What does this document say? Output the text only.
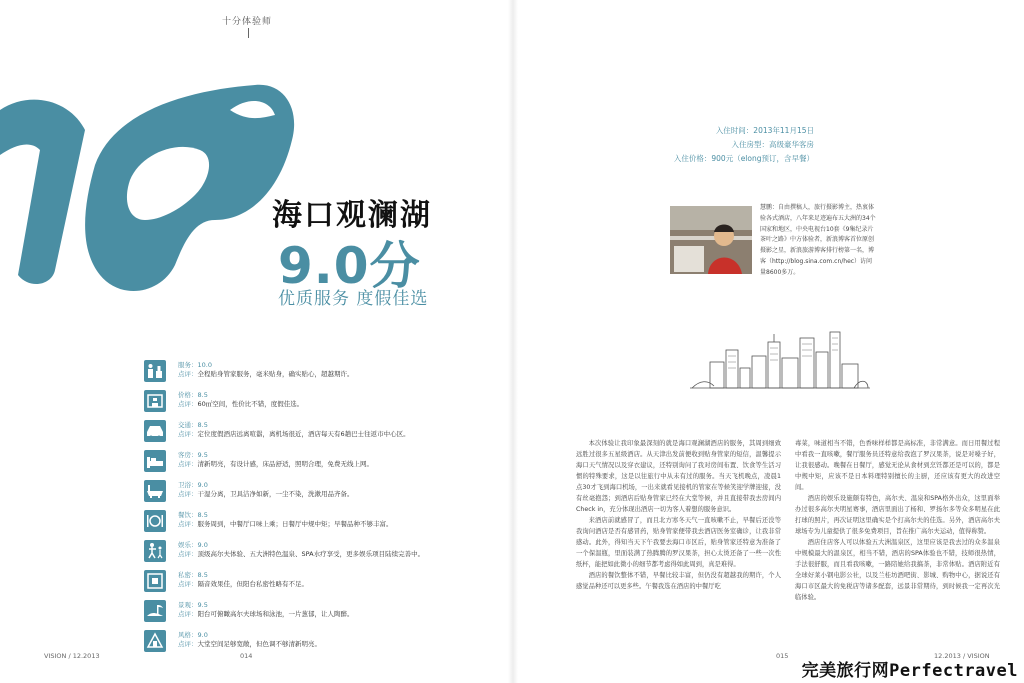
十分体验师
海口观澜湖
9.0分
优质服务 度假佳选
入住时间：2013年11月15日
入住房型：高级豪华客房
入住价格：900元（elong预订，含早餐）
慧鹏：自由撰稿人，旅行摄影博主，热衷体验各式酒店，八年来足迹遍布五大洲的34个国家和地区，中央电视台10套《9集纪录片茶叶之路》中方体验者，新浪博客首位原创摄影之星，新浪旅游博客排行榜第一名，博客（http://blog.sina.com.cn/hec）访问量8600多万。
服务：10.0
点评：全程贴身管家服务，毫米贴身，确实贴心，超越期许。
价格：8.5
点评：60㎡空间，性价比不错，度假佳选。
交通：8.5
点评：定位度假酒店远离喧嚣，离机场很近，酒店每天有6趟巴士往返市中心区。
客房：9.5
点评：清新明亮，有设计感，床品舒适，照明合理，免费无线上网。
卫浴：9.0
点评：干湿分离，卫具洁净如新，一尘不染，洗漱用品齐备。
餐饮：8.5
点评：服务周到，中餐厅口味上乘；日餐厅中规中矩；早餐品种不够丰富。
娱乐：9.0
点评：顶级高尔夫体验、五大洲特色温泉、SPA水疗享受，更多娱乐项目陆续完善中。
私密：8.5
点评：隔音效果佳，但阳台私密性略有不足。
景观：9.5
点评：阳台可俯瞰高尔夫球场和泳池，一片葱郁，让人陶醉。
风格：9.0
点评：大堂空间足够宽敞，但色调不够清新明亮。

本次体验让我印象最深刻的就是海口观澜湖酒店的服务，其周到细致远胜过很多五星级酒店。从天津出发前便收到贴身管家的短信，温馨提示海口天气情况以及穿衣建议，还特别询问了我对房间布置、饮食等生活习惯的特殊要求，这是以往旅行中从未有过的服务。当天飞机晚点，凌晨1点30才飞到海口机场，一出来就看见接机的管家在等候笑迎学牌迎接，没有丝毫抱怨；到酒店后贴身管家已经在大堂等候，并且直接带我去房间内Check in，充分体现出酒店一切为客人着想的服务意识。

来酒店前就感冒了，而且北方寒冬天气一直咳嗽不止，早餐后还没等我询问酒店是否有感冒药，贴身管家便带我去酒店医务室确诊，让我非常感动。此外，得知当天下午我要去海口市区后，贴身管家还特意为准备了一个保温瓶，里面装满了热腾腾的罗汉果茶，担心太烫还备了一些一次性纸杯，能把如此微小的细节都考虑得如此周到，真是难得。

酒店的餐饮整体不错，早餐比较丰富，但仍没有超越我的期许，个人感觉品种还可以更多些。午餐我选在酒店的中餐厅吃

毒菜，味道相当不错，色香味样样都是高标准，非常满意。而日用餐过程中看我一直咳嗽，餐厅服务员还特意给我泡了罗汉果茶，说是对嗓子好，让我很感动。晚餐在日餐厅，感觉无论从食材到烹饪都还是可以的，都是中规中矩，应该不是日本料理特别擅长的主厨，还应该有更大的改进空间。

酒店的娱乐设施颇有特色，高尔夫、温泉和SPA格外出众，这里面举办过很多高尔夫明星赛事，酒店里面出了杨和、罗扬尔多等众多明星在此打球的照片，再次证明这里确实是个打高尔夫的佳选。另外，酒店高尔夫球场专为儿童提供了很多免费项目，旨在推广高尔夫运动，值得称赞。

酒店住店客人可以体验五大洲温泉区，这里应该是我去过的众多温泉中规模最大的温泉区，相当不错，酒店的SPA体验也不错，技师很热情，手法很舒服，而且看我咳嗽，一路陪她给我搞茶，非常体贴。酒店附近有全球好莱小钢电影公社，以及兰桂坊酒吧街、影城、购物中心，据说还有海口市区最大的免税店等诸多配套，远景非常期待，到时候我一定再次光临体验。

VISION / 12.2013	014	015	12.2013 / VISION
完美旅行网Perfectravel
